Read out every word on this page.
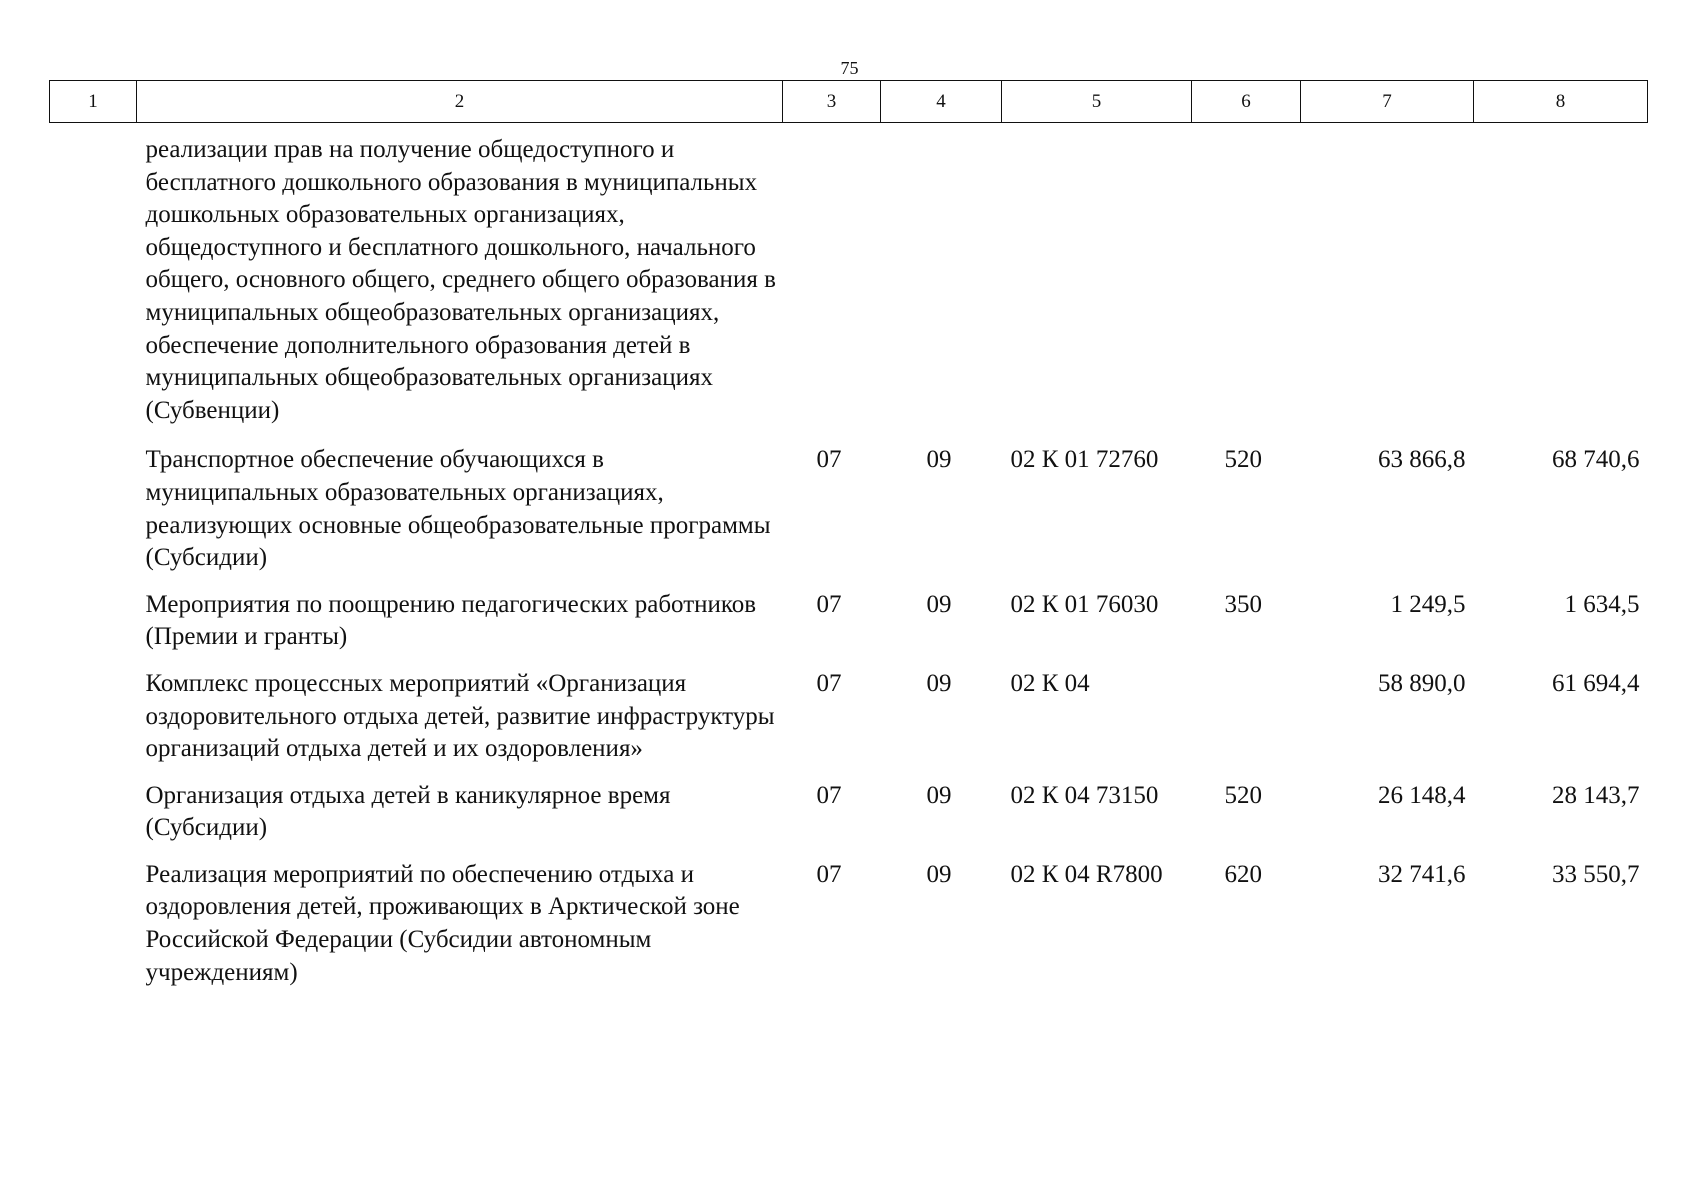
75
1	2	3	4	5	6	7	8
	реализации прав на получение общедоступного и бесплатного дошкольного образования в муниципальных дошкольных образовательных организациях, общедоступного и бесплатного дошкольного, начального общего, основного общего, среднего общего образования в муниципальных общеобразовательных организациях, обеспечение дополнительного образования детей в муниципальных общеобразовательных организациях (Субвенции)						
	Транспортное обеспечение обучающихся в муниципальных образовательных организациях, реализующих основные общеобразовательные программы (Субсидии)	07	09	02 К 01 72760	520	63 866,8	68 740,6
	Мероприятия по поощрению педагогических работников (Премии и гранты)	07	09	02 К 01 76030	350	1 249,5	1 634,5
	Комплекс процессных мероприятий «Организация оздоровительного отдыха детей, развитие инфраструктуры организаций отдыха детей и их оздоровления»	07	09	02 К 04		58 890,0	61 694,4
	Организация отдыха детей в каникулярное время (Субсидии)	07	09	02 К 04 73150	520	26 148,4	28 143,7
	Реализация мероприятий по обеспечению отдыха и оздоровления детей, проживающих в Арктической зоне Российской Федерации (Субсидии автономным учреждениям)	07	09	02 К 04 R7800	620	32 741,6	33 550,7
